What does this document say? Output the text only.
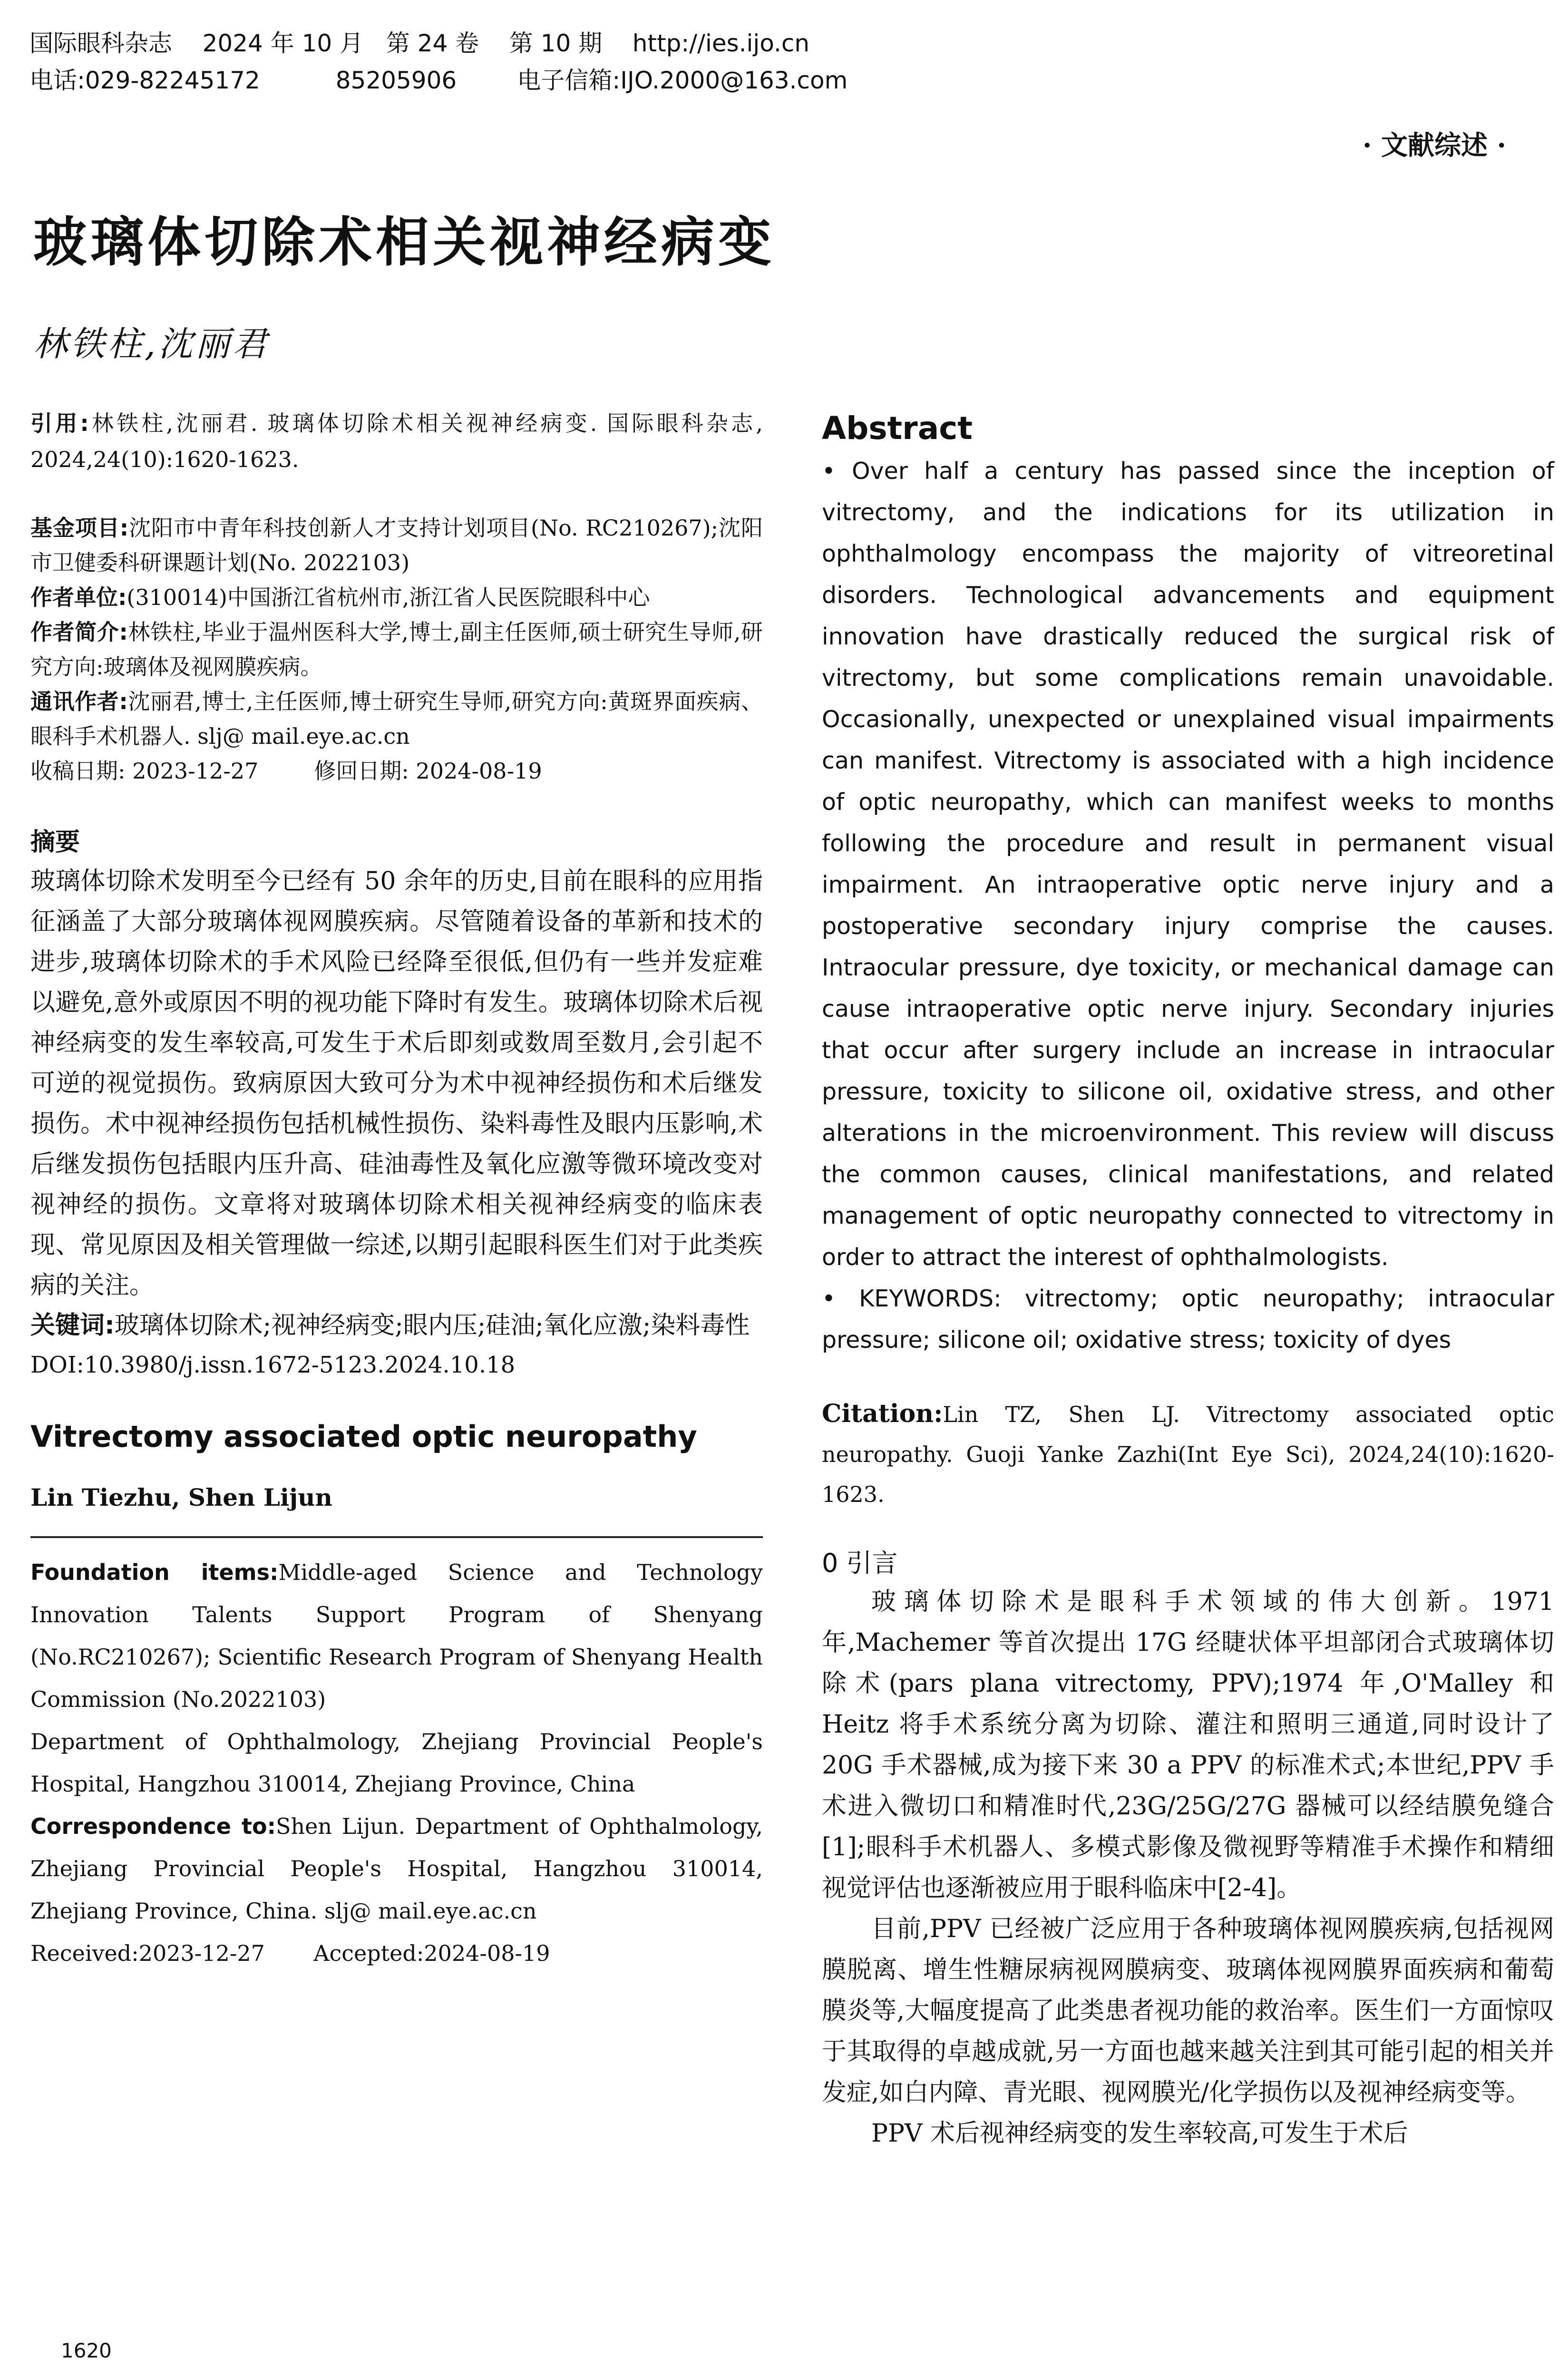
国际眼科杂志    2024 年 10 月   第 24 卷    第 10 期    http://ies.ijo.cn
电话:029-82245172          85205906        电子信箱:IJO.2000@163.com
· 文献综述 ·
玻璃体切除术相关视神经病变
林铁柱,沈丽君
引用:林铁柱,沈丽君. 玻璃体切除术相关视神经病变. 国际眼科杂志, 2024,24(10):1620-1623.

基金项目:沈阳市中青年科技创新人才支持计划项目(No. RC210267);沈阳市卫健委科研课题计划(No. 2022103)

作者单位:(310014)中国浙江省杭州市,浙江省人民医院眼科中心

作者简介:林铁柱,毕业于温州医科大学,博士,副主任医师,硕士研究生导师,研究方向:玻璃体及视网膜疾病。

通讯作者:沈丽君,博士,主任医师,博士研究生导师,研究方向:黄斑界面疾病、眼科手术机器人. slj@ mail.eye.ac.cn

收稿日期: 2023-12-27        修回日期: 2024-08-19
摘要

玻璃体切除术发明至今已经有 50 余年的历史,目前在眼科的应用指征涵盖了大部分玻璃体视网膜疾病。尽管随着设备的革新和技术的进步,玻璃体切除术的手术风险已经降至很低,但仍有一些并发症难以避免,意外或原因不明的视功能下降时有发生。玻璃体切除术后视神经病变的发生率较高,可发生于术后即刻或数周至数月,会引起不可逆的视觉损伤。致病原因大致可分为术中视神经损伤和术后继发损伤。术中视神经损伤包括机械性损伤、染料毒性及眼内压影响,术后继发损伤包括眼内压升高、硅油毒性及氧化应激等微环境改变对视神经的损伤。文章将对玻璃体切除术相关视神经病变的临床表现、常见原因及相关管理做一综述,以期引起眼科医生们对于此类疾病的关注。

关键词:玻璃体切除术;视神经病变;眼内压;硅油;氧化应激;染料毒性

DOI:10.3980/j.issn.1672-5123.2024.10.18

Vitrectomy associated optic neuropathy
Lin Tiezhu, Shen Lijun

Foundation items:Middle-aged Science and Technology Innovation Talents Support Program of Shenyang (No.RC210267); Scientific Research Program of Shenyang Health Commission (No.2022103)

Department of Ophthalmology, Zhejiang Provincial People's Hospital, Hangzhou 310014, Zhejiang Province, China

Correspondence to:Shen Lijun. Department of Ophthalmology, Zhejiang Provincial People's Hospital, Hangzhou 310014, Zhejiang Province, China. slj@ mail.eye.ac.cn

Received:2023-12-27       Accepted:2024-08-19

Abstract

• Over half a century has passed since the inception of vitrectomy, and the indications for its utilization in ophthalmology encompass the majority of vitreoretinal disorders. Technological advancements and equipment innovation have drastically reduced the surgical risk of vitrectomy, but some complications remain unavoidable. Occasionally, unexpected or unexplained visual impairments can manifest. Vitrectomy is associated with a high incidence of optic neuropathy, which can manifest weeks to months following the procedure and result in permanent visual impairment. An intraoperative optic nerve injury and a postoperative secondary injury comprise the causes. Intraocular pressure, dye toxicity, or mechanical damage can cause intraoperative optic nerve injury. Secondary injuries that occur after surgery include an increase in intraocular pressure, toxicity to silicone oil, oxidative stress, and other alterations in the microenvironment. This review will discuss the common causes, clinical manifestations, and related management of optic neuropathy connected to vitrectomy in order to attract the interest of ophthalmologists.

• KEYWORDS: vitrectomy; optic neuropathy; intraocular pressure; silicone oil; oxidative stress; toxicity of dyes

Citation:Lin TZ, Shen LJ. Vitrectomy associated optic neuropathy. Guoji Yanke Zazhi(Int Eye Sci), 2024,24(10):1620-1623.
0 引言

玻璃体切除术是眼科手术领域的伟大创新。1971 年,Machemer 等首次提出 17G 经睫状体平坦部闭合式玻璃体切除术(pars plana vitrectomy, PPV);1974 年,O'Malley 和 Heitz 将手术系统分离为切除、灌注和照明三通道,同时设计了 20G 手术器械,成为接下来 30 a PPV 的标准术式;本世纪,PPV 手术进入微切口和精准时代,23G/25G/27G 器械可以经结膜免缝合[1];眼科手术机器人、多模式影像及微视野等精准手术操作和精细视觉评估也逐渐被应用于眼科临床中[2-4]。

目前,PPV 已经被广泛应用于各种玻璃体视网膜疾病,包括视网膜脱离、增生性糖尿病视网膜病变、玻璃体视网膜界面疾病和葡萄膜炎等,大幅度提高了此类患者视功能的救治率。医生们一方面惊叹于其取得的卓越成就,另一方面也越来越关注到其可能引起的相关并发症,如白内障、青光眼、视网膜光/化学损伤以及视神经病变等。

PPV 术后视神经病变的发生率较高,可发生于术后

1620
